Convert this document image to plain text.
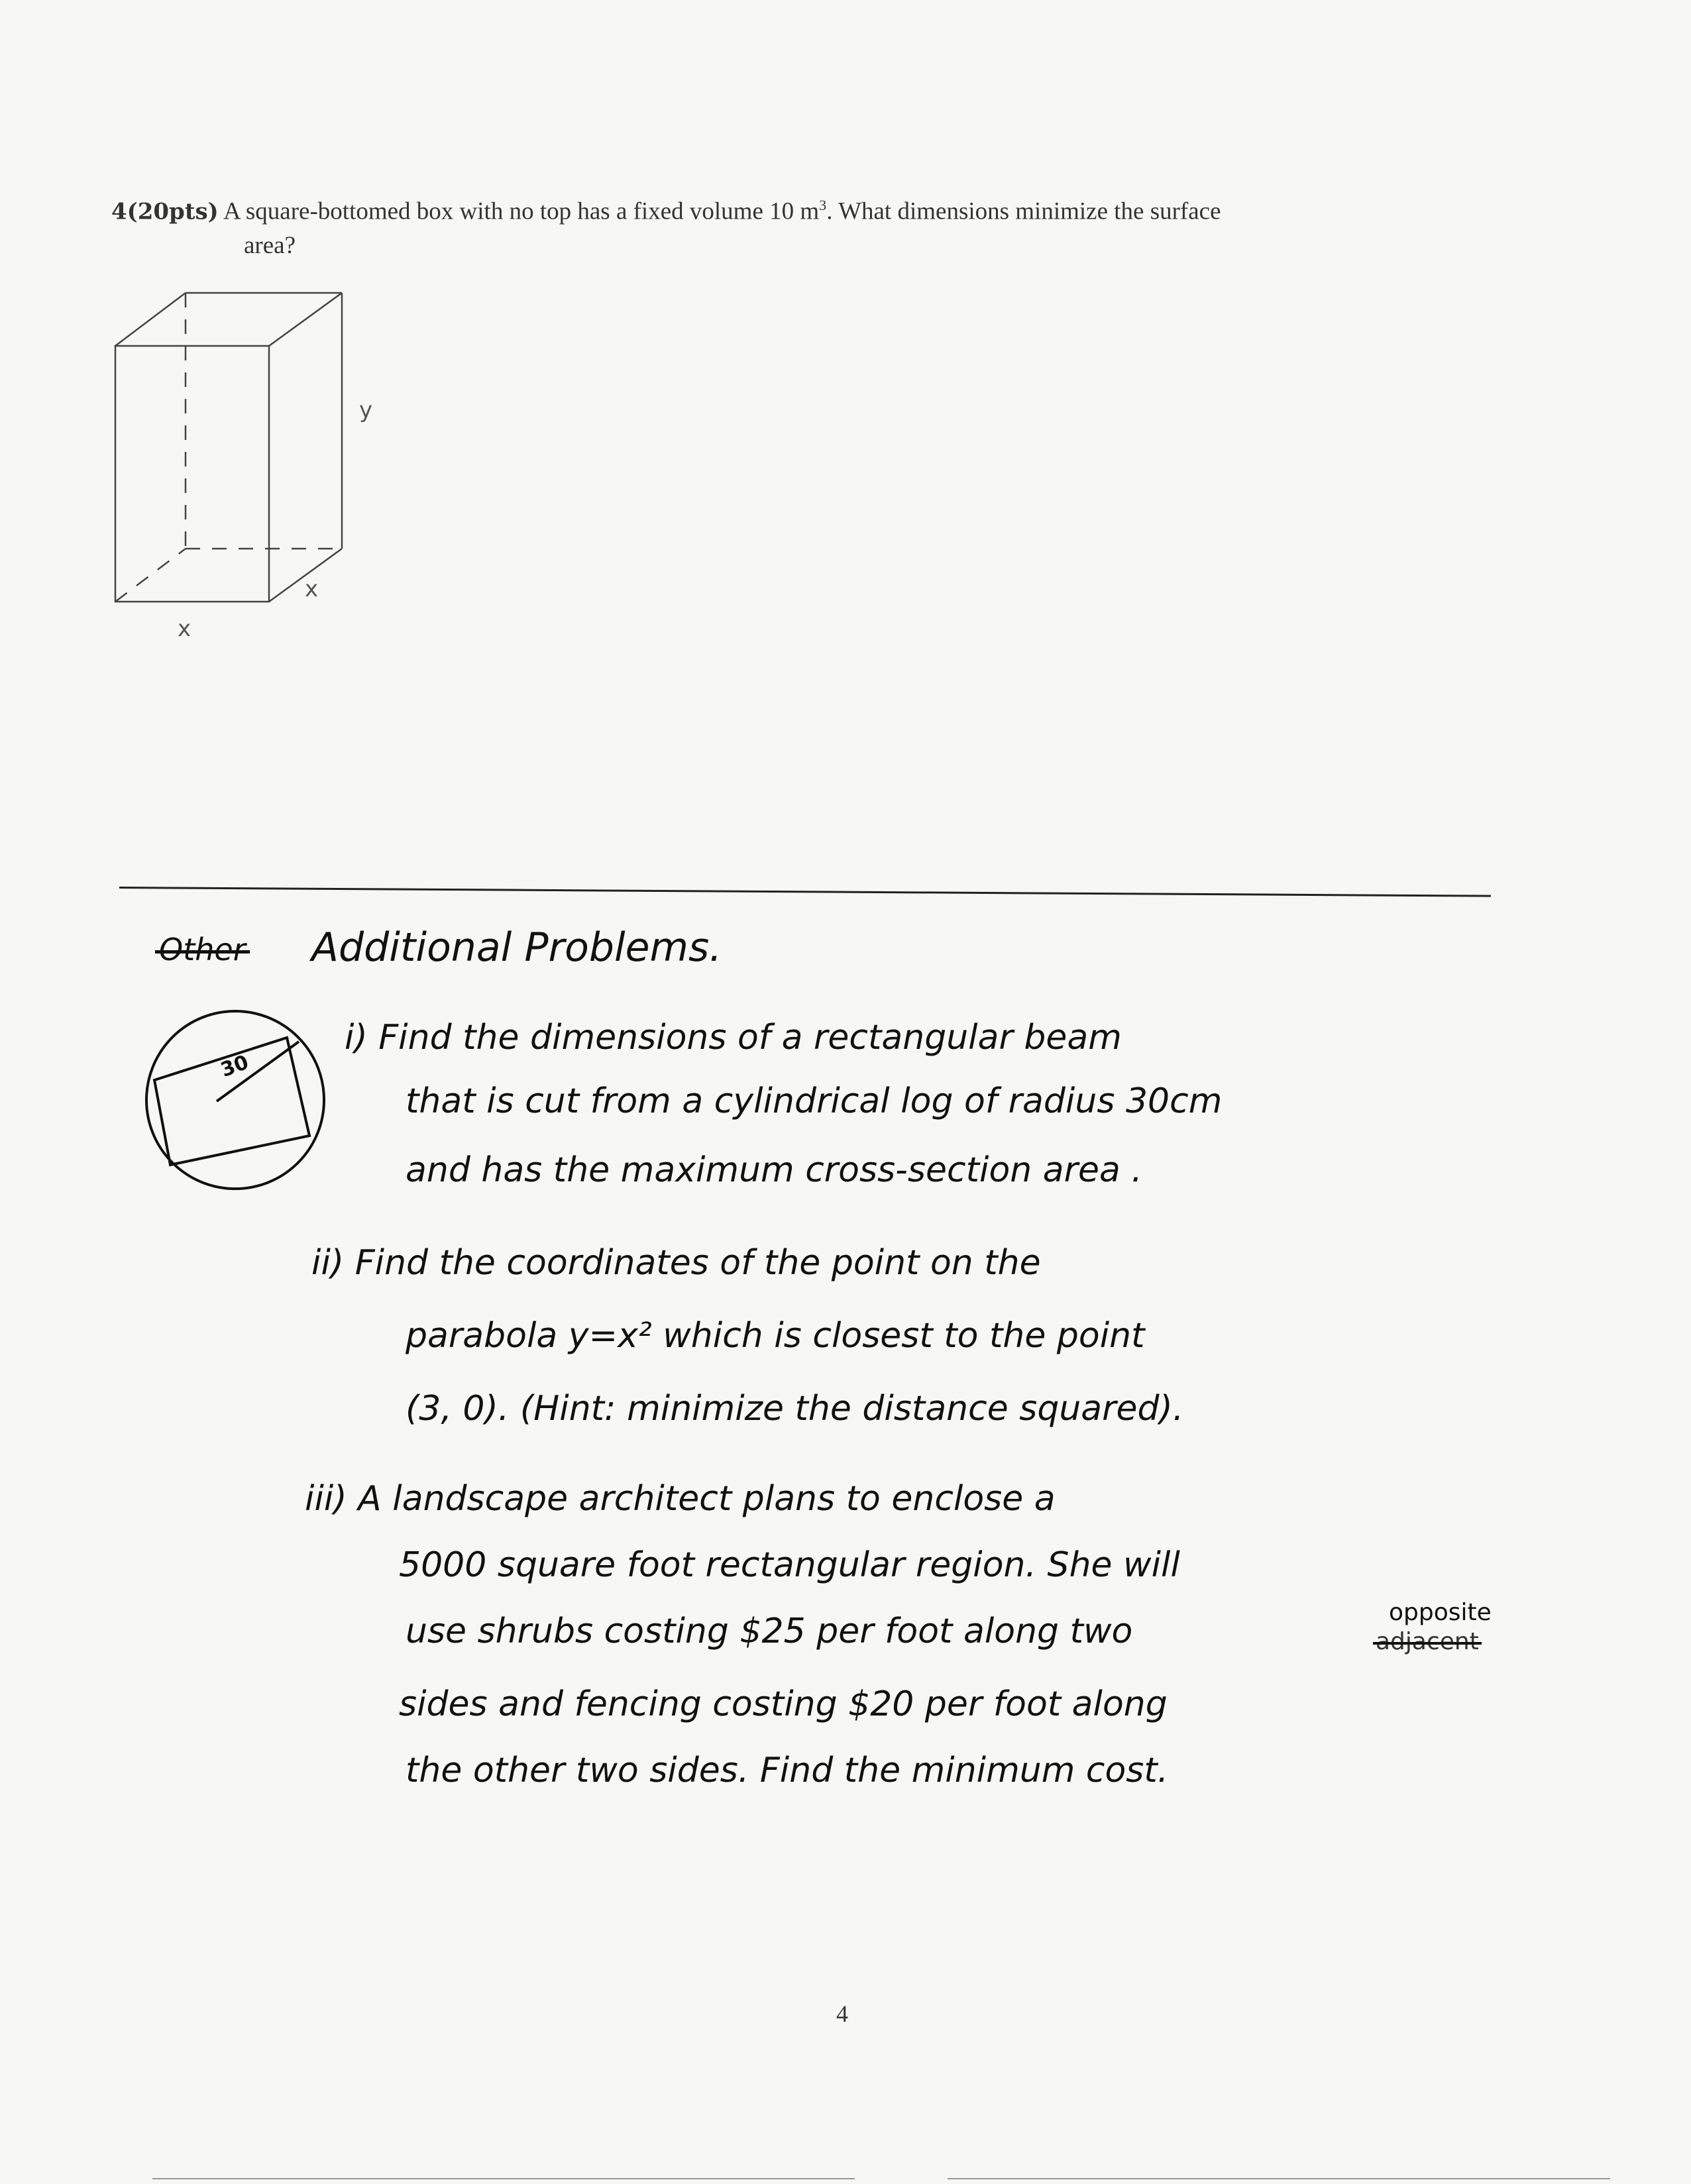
4(20pts) A square-bottomed box with no top has a fixed volume 10 $m^3$. What dimensions minimize the surface
area?
y
x
x
Other Additional Problems.
30
i) Find the dimensions of a rectangular beam
that is cut from a cylindrical log of radius 30cm
and has the maximum cross-section area .
ii) Find the coordinates of the point on the
parabola y=x² which is closest to the point
(3, 0). (Hint: minimize the distance squared).
iii) A landscape architect plans to enclose a
5000 square foot rectangular region. She will
use shrubs costing $25 per foot along two	opposite
adjacent
sides and fencing costing $20 per foot along
the other two sides. Find the minimum cost.
4
